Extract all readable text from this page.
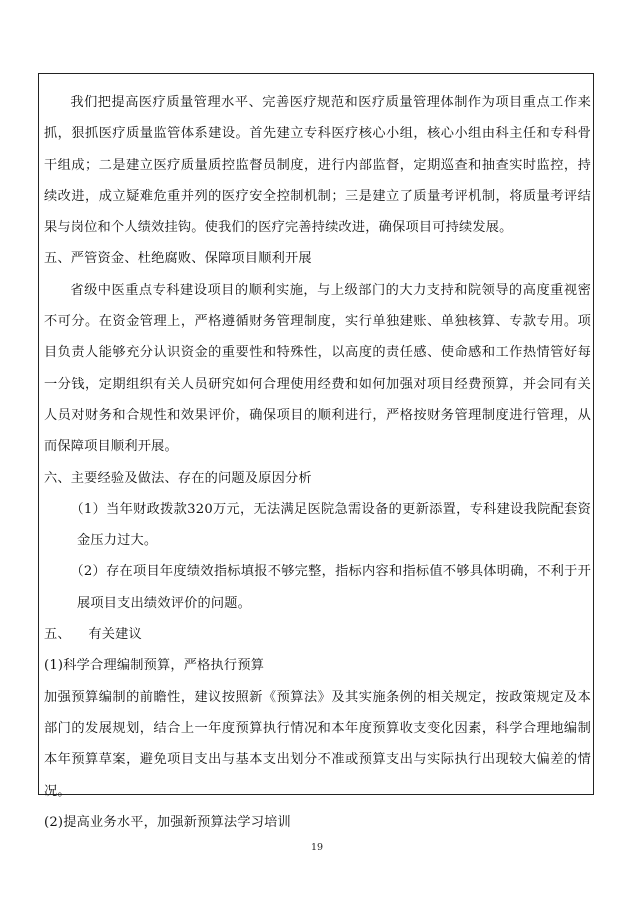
我们把提高医疗质量管理水平、完善医疗规范和医疗质量管理体制作为项目重点工作来抓，狠抓医疗质量监管体系建设。首先建立专科医疗核心小组，核心小组由科主任和专科骨干组成；二是建立医疗质量质控监督员制度，进行内部监督，定期巡查和抽查实时监控，持续改进，成立疑难危重并列的医疗安全控制机制；三是建立了质量考评机制，将质量考评结果与岗位和个人绩效挂钩。使我们的医疗完善持续改进，确保项目可持续发展。

五、严管资金、杜绝腐败、保障项目顺利开展

省级中医重点专科建设项目的顺利实施，与上级部门的大力支持和院领导的高度重视密不可分。在资金管理上，严格遵循财务管理制度，实行单独建账、单独核算、专款专用。项目负责人能够充分认识资金的重要性和特殊性，以高度的责任感、使命感和工作热情管好每一分钱，定期组织有关人员研究如何合理使用经费和如何加强对项目经费预算，并会同有关人员对财务和合规性和效果评价，确保项目的顺利进行，严格按财务管理制度进行管理，从而保障项目顺利开展。

六、主要经验及做法、存在的问题及原因分析

（1）当年财政拨款320万元，无法满足医院急需设备的更新添置，专科建设我院配套资金压力过大。

（2）存在项目年度绩效指标填报不够完整，指标内容和指标值不够具体明确，不利于开展项目支出绩效评价的问题。

五、    有关建议

(1)科学合理编制预算，严格执行预算

加强预算编制的前瞻性，建议按照新《预算法》及其实施条例的相关规定，按政策规定及本部门的发展规划，结合上一年度预算执行情况和本年度预算收支变化因素，科学合理地编制本年预算草案，避免项目支出与基本支出划分不准或预算支出与实际执行出现较大偏差的情况。

(2)提高业务水平，加强新预算法学习培训

19
